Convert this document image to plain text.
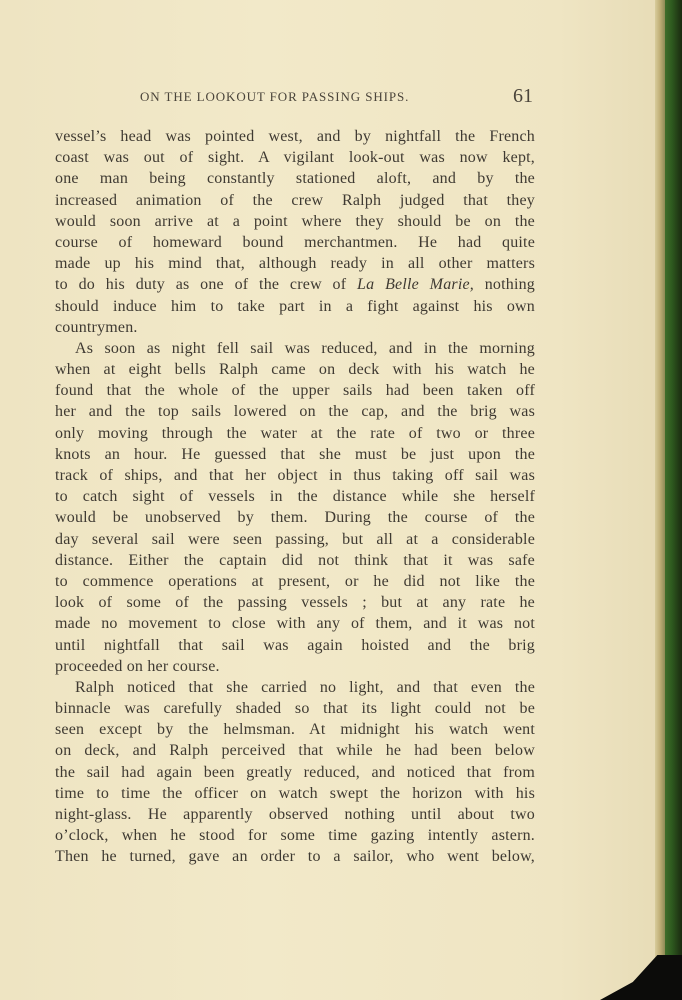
ON THE LOOKOUT FOR PASSING SHIPS.	61
vessel’s head was pointed west, and by nightfall the French
coast was out of sight. A vigilant look-out was now kept,
one man being constantly stationed aloft, and by the
increased animation of the crew Ralph judged that they
would soon arrive at a point where they should be on the
course of homeward bound merchantmen. He had quite
made up his mind that, although ready in all other matters
to do his duty as one of the crew of La Belle Marie, nothing
should induce him to take part in a fight against his own
countrymen.
As soon as night fell sail was reduced, and in the morning
when at eight bells Ralph came on deck with his watch he
found that the whole of the upper sails had been taken off
her and the top sails lowered on the cap, and the brig was
only moving through the water at the rate of two or three
knots an hour. He guessed that she must be just upon the
track of ships, and that her object in thus taking off sail was
to catch sight of vessels in the distance while she herself
would be unobserved by them. During the course of the
day several sail were seen passing, but all at a considerable
distance. Either the captain did not think that it was safe
to commence operations at present, or he did not like the
look of some of the passing vessels ; but at any rate he
made no movement to close with any of them, and it was not
until nightfall that sail was again hoisted and the brig
proceeded on her course.
Ralph noticed that she carried no light, and that even the
binnacle was carefully shaded so that its light could not be
seen except by the helmsman. At midnight his watch went
on deck, and Ralph perceived that while he had been below
the sail had again been greatly reduced, and noticed that from
time to time the officer on watch swept the horizon with his
night-glass. He apparently observed nothing until about two
o’clock, when he stood for some time gazing intently astern.
Then he turned, gave an order to a sailor, who went below,
